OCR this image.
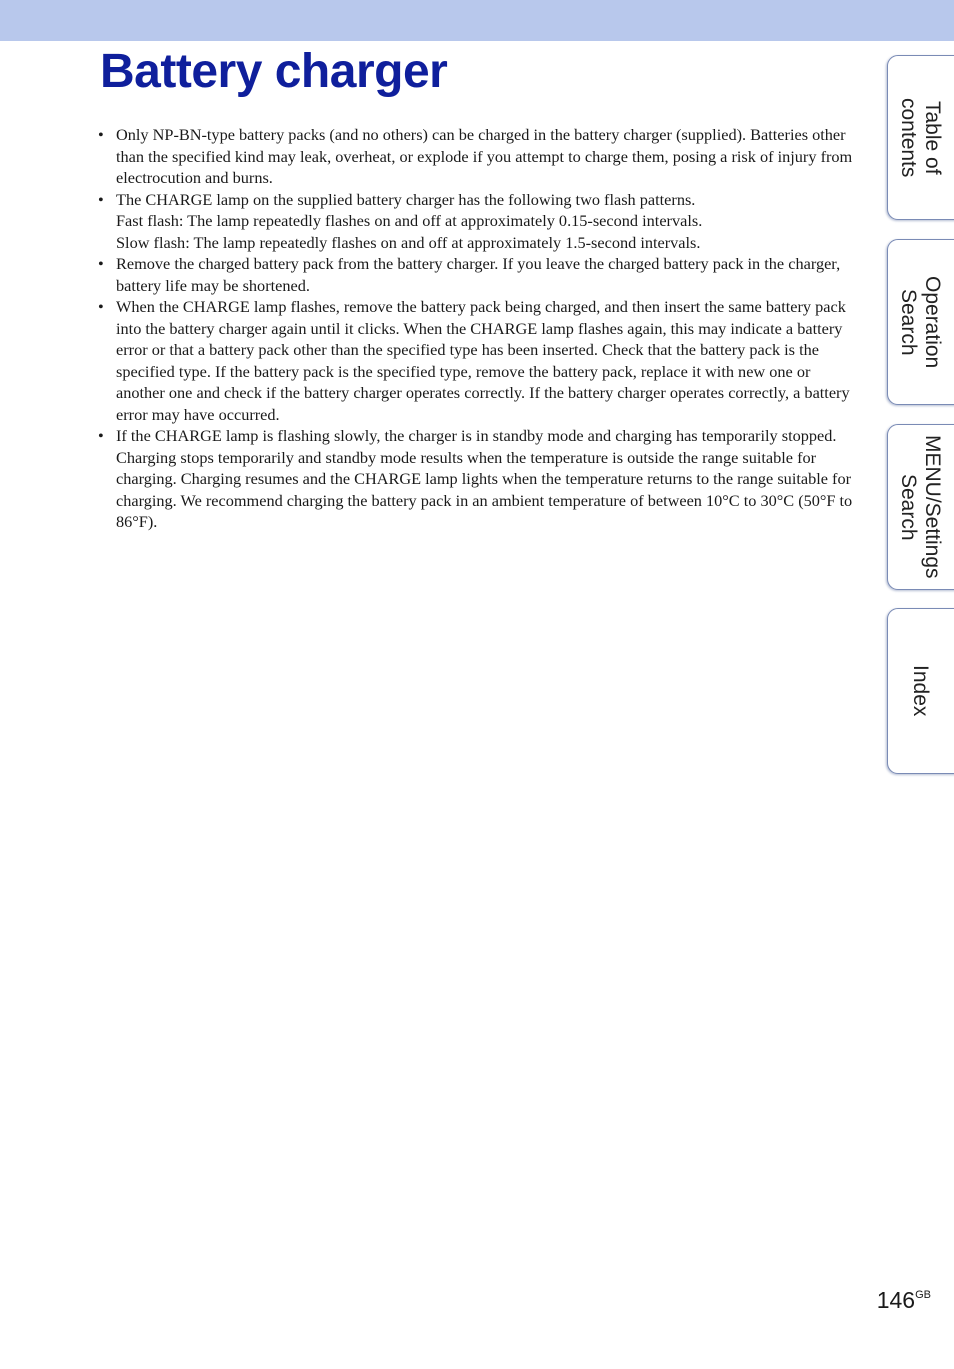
Battery charger
• Only NP-BN-type battery packs (and no others) can be charged in the battery charger (supplied). Batteries other than the specified kind may leak, overheat, or explode if you attempt to charge them, posing a risk of injury from electrocution and burns.

• The CHARGE lamp on the supplied battery charger has the following two flash patterns.

Fast flash: The lamp repeatedly flashes on and off at approximately 0.15-second intervals.

Slow flash: The lamp repeatedly flashes on and off at approximately 1.5-second intervals.

• Remove the charged battery pack from the battery charger. If you leave the charged battery pack in the charger, battery life may be shortened.

• When the CHARGE lamp flashes, remove the battery pack being charged, and then insert the same battery pack into the battery charger again until it clicks. When the CHARGE lamp flashes again, this may indicate a battery error or that a battery pack other than the specified type has been inserted. Check that the battery pack is the specified type. If the battery pack is the specified type, remove the battery pack, replace it with new one or another one and check if the battery charger operates correctly. If the battery charger operates correctly, a battery error may have occurred.

• If the CHARGE lamp is flashing slowly, the charger is in standby mode and charging has temporarily stopped. Charging stops temporarily and standby mode results when the temperature is outside the range suitable for charging. Charging resumes and the CHARGE lamp lights when the temperature returns to the range suitable for charging. We recommend charging the battery pack in an ambient temperature of between 10°C to 30°C (50°F to 86°F).

Table of
contents
Operation
Search
MENU/Settings
Search
Index
$146^{GB}$
